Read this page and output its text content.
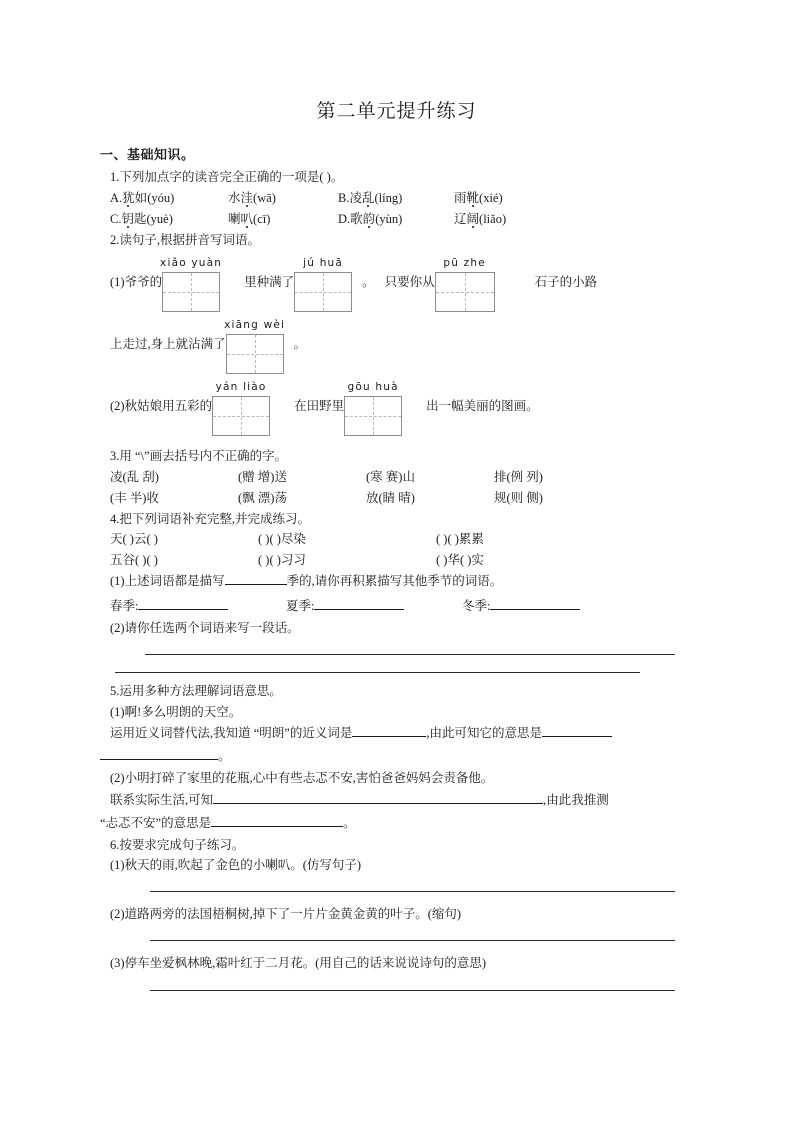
第二单元提升练习
一、基础知识。
1.下列加点字的读音完全正确的一项是( )。
A.犹如(yóu)	水洼(wā)	B.凌乱(líng)	雨靴(xié)
C.钥匙(yuè)	喇叭(cī)	D.歌韵(yùn)	辽阔(liǎo)
2.读句子,根据拼音写词语。
(1) 爷爷的
xiǎo yuàn
里种满了
jú huā
。 只要你从
pū zhe
石子的小路
上走过,身上就沾满了
xiāng wèi
。
(2) 秋姑娘用五彩的
yán liào
在田野里
gōu huà
出一幅美丽的图画。
3.用 “\”画去括号内不正确的字。
凌(乱 刮)	(赠 增)送	(寒 赛)山	排(例 列)
(丰 半)收	(飘 漂)荡	放(睛 晴)	规(则 侧)
4.把下列词语补充完整,并完成练习。
天( )云( )	( )( )尽染	( )( )累累
五谷( )( )	( )( )习习	( )华( )实
(1)上述词语都是描写	季的,请你再积累描写其他季节的词语。
春季:	夏季:	冬季:
(2)请你任选两个词语来写一段话。
5.运用多种方法理解词语意思。
(1)啊!多么明朗的天空。
运用近义词替代法,我知道 “明朗”的近义词是	,由此可知它的意思是
。
(2)小明打碎了家里的花瓶,心中有些忐忑不安,害怕爸爸妈妈会责备他。
联系实际生活,可知	,由此我推测
“忐忑不安”的意思是	。
6.按要求完成句子练习。
(1)秋天的雨,吹起了金色的小喇叭。(仿写句子)
(2)道路两旁的法国梧桐树,掉下了一片片金黄金黄的叶子。(缩句)
(3)停车坐爱枫林晚,霜叶红于二月花。(用自己的话来说说诗句的意思)
